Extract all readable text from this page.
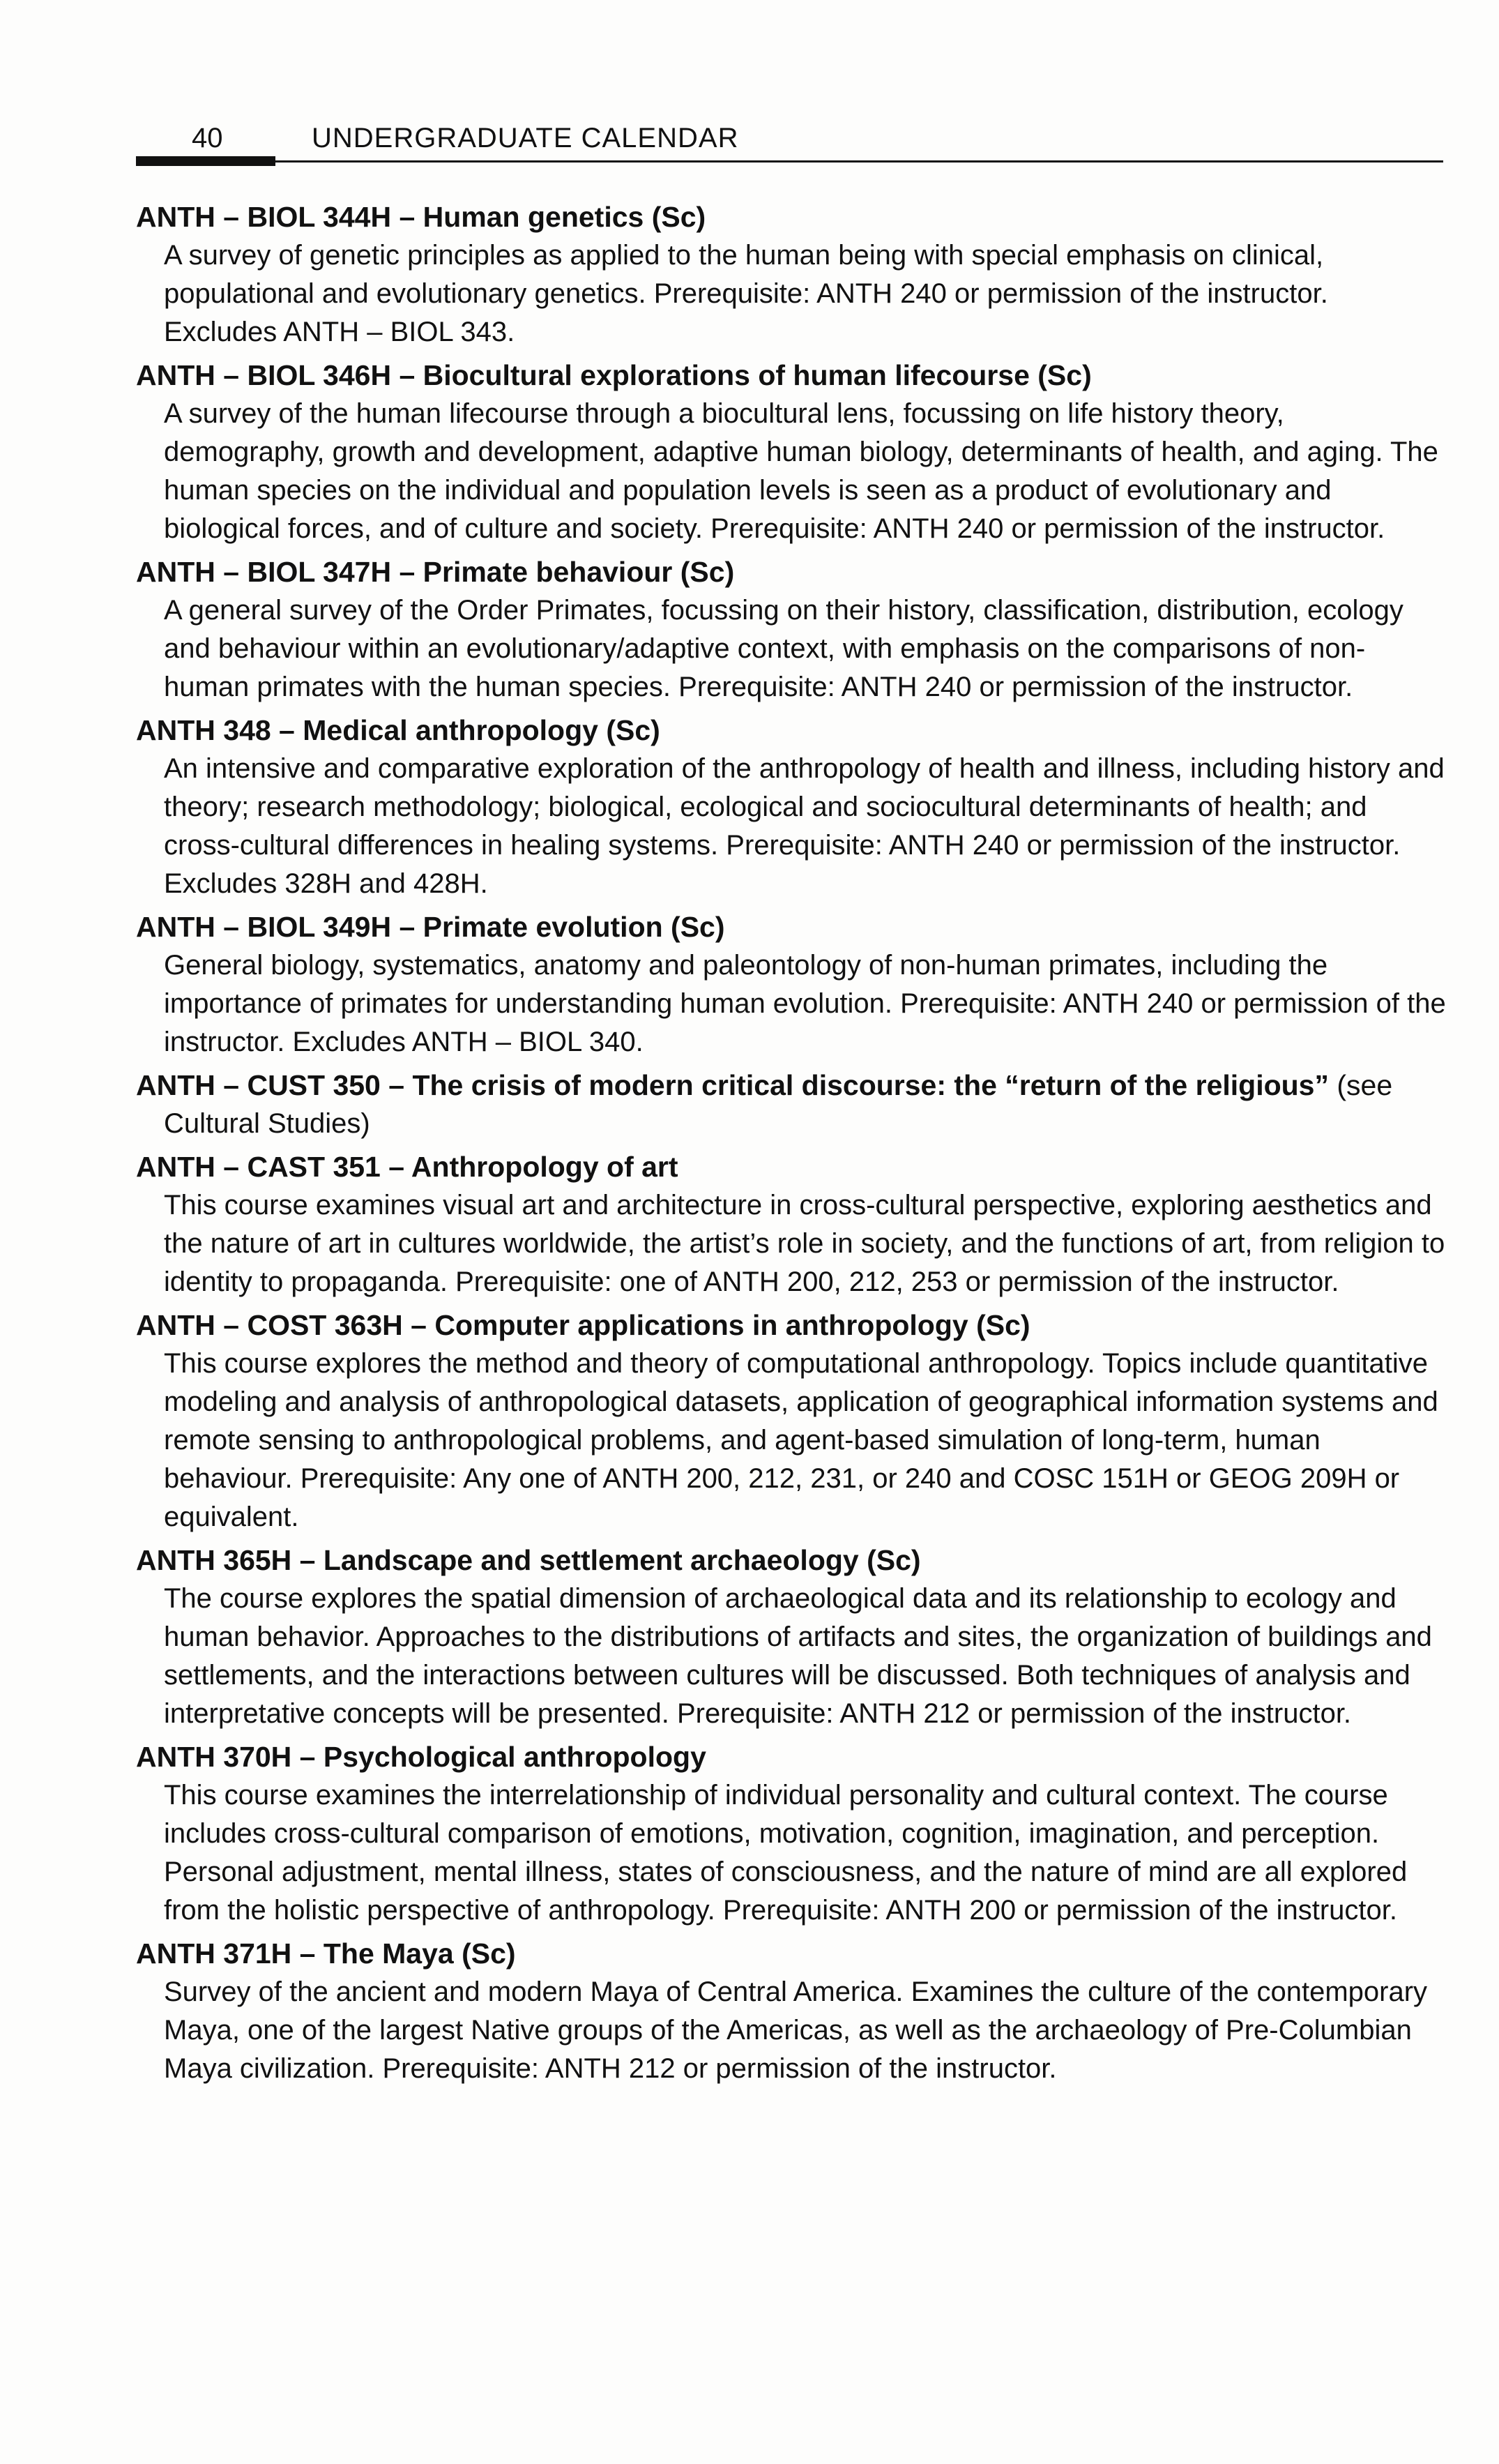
40	UNDERGRADUATE CALENDAR

ANTH – BIOL 344H – Human genetics (Sc)

A survey of genetic principles as applied to the human being with special emphasis on clinical, populational and evolutionary genetics. Prerequisite: ANTH 240 or permission of the instructor. Excludes ANTH – BIOL 343.

ANTH – BIOL 346H – Biocultural explorations of human lifecourse (Sc)

A survey of the human lifecourse through a biocultural lens, focussing on life history theory, demography, growth and development, adaptive human biology, determinants of health, and aging. The human species on the individual and population levels is seen as a product of evolutionary and biological forces, and of culture and society. Prerequisite: ANTH 240 or permission of the instructor.

ANTH – BIOL 347H – Primate behaviour (Sc)

A general survey of the Order Primates, focussing on their history, classification, distribution, ecology and behaviour within an evolutionary/adaptive context, with emphasis on the comparisons of non-human primates with the human species. Prerequisite: ANTH 240 or permission of the instructor.

ANTH 348 – Medical anthropology (Sc)

An intensive and comparative exploration of the anthropology of health and illness, including history and theory; research methodology; biological, ecological and sociocultural determinants of health; and cross-cultural differences in healing systems. Prerequisite: ANTH 240 or permission of the instructor. Excludes 328H and 428H.

ANTH – BIOL 349H – Primate evolution (Sc)

General biology, systematics, anatomy and paleontology of non-human primates, including the importance of primates for understanding human evolution. Prerequisite: ANTH 240 or permission of the instructor. Excludes ANTH – BIOL 340.

ANTH – CUST 350 – The crisis of modern critical discourse: the “return of the religious” (see

Cultural Studies)

ANTH – CAST 351 – Anthropology of art

This course examines visual art and architecture in cross-cultural perspective, exploring aesthetics and the nature of art in cultures worldwide, the artist’s role in society, and the functions of art, from religion to identity to propaganda. Prerequisite: one of ANTH 200, 212, 253 or permission of the instructor.

ANTH – COST 363H – Computer applications in anthropology (Sc)

This course explores the method and theory of computational anthropology. Topics include quantitative modeling and analysis of anthropological datasets, application of geographical information systems and remote sensing to anthropological problems, and agent-based simulation of long-term, human behaviour. Prerequisite: Any one of ANTH 200, 212, 231, or 240 and COSC 151H or GEOG 209H or equivalent.

ANTH 365H – Landscape and settlement archaeology (Sc)

The course explores the spatial dimension of archaeological data and its relationship to ecology and human behavior. Approaches to the distributions of artifacts and sites, the organization of buildings and settlements, and the interactions between cultures will be discussed. Both techniques of analysis and interpretative concepts will be presented. Prerequisite: ANTH 212 or permission of the instructor.

ANTH 370H – Psychological anthropology

This course examines the interrelationship of individual personality and cultural context. The course includes cross-cultural comparison of emotions, motivation, cognition, imagination, and perception. Personal adjustment, mental illness, states of consciousness, and the nature of mind are all explored from the holistic perspective of anthropology. Prerequisite: ANTH 200 or permission of the instructor.

ANTH 371H – The Maya (Sc)

Survey of the ancient and modern Maya of Central America. Examines the culture of the contemporary Maya, one of the largest Native groups of the Americas, as well as the archaeology of Pre-Columbian Maya civilization. Prerequisite: ANTH 212 or permission of the instructor.
